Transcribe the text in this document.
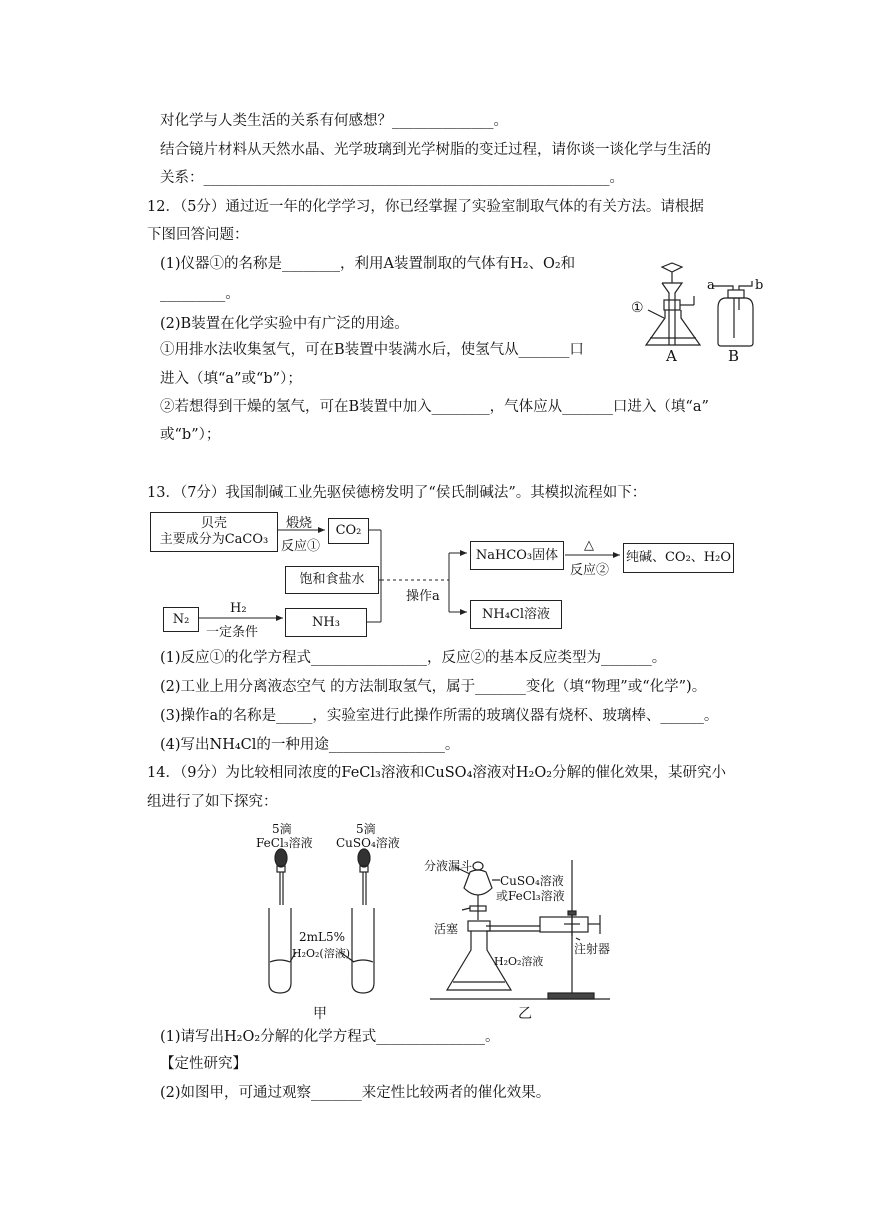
对化学与人类生活的关系有何感想？______________。
结合镜片材料从天然水晶、光学玻璃到光学树脂的变迁过程，请你谈一谈化学与生活的
关系：________________________________________________________。
12．（5分）通过近一年的化学学习，你已经掌握了实验室制取气体的有关方法。请根据
下图回答问题：
(1)仪器①的名称是________，利用A装置制取的气体有H₂、O₂和
_________。
(2)B装置在化学实验中有广泛的用途。
①用排水法收集氢气，可在B装置中装满水后，使氢气从_______口
进入（填“a”或“b”）；
②若想得到干燥的氢气，可在B装置中加入________，气体应从_______口进入（填“a”
或“b”）；
13．（7分）我国制碱工业先驱侯德榜发明了“侯氏制碱法”。其模拟流程如下：
(1)反应①的化学方程式________________，反应②的基本反应类型为_______。
(2)工业上用分离液态空气 的方法制取氢气，属于_______变化（填“物理”或“化学”)。
(3)操作a的名称是_____，实验室进行此操作所需的玻璃仪器有烧杯、玻璃棒、______。
(4)写出NH₄Cl的一种用途________________。
14．（9分）为比较相同浓度的FeCl₃溶液和CuSO₄溶液对H₂O₂分解的催化效果，某研究小
组进行了如下探究：
(1)请写出H₂O₂分解的化学方程式_______________。
【定性研究】
(2)如图甲，可通过观察_______来定性比较两者的催化效果。
①
a	b
A	B
贝壳
主要成分为CaCO₃
煅烧
反应①
CO₂
饱和食盐水
N₂
H₂
一定条件
NH₃
操作a
NaHCO₃固体
△
反应②
纯碱、CO₂、H₂O
NH₄Cl溶液
5滴
FeCl₃溶液
5滴
CuSO₄溶液
2mL5%
H₂O₂(溶液)
甲
分液漏斗
CuSO₄溶液
或FeCl₃溶液
活塞
注射器
H₂O₂溶液
乙
